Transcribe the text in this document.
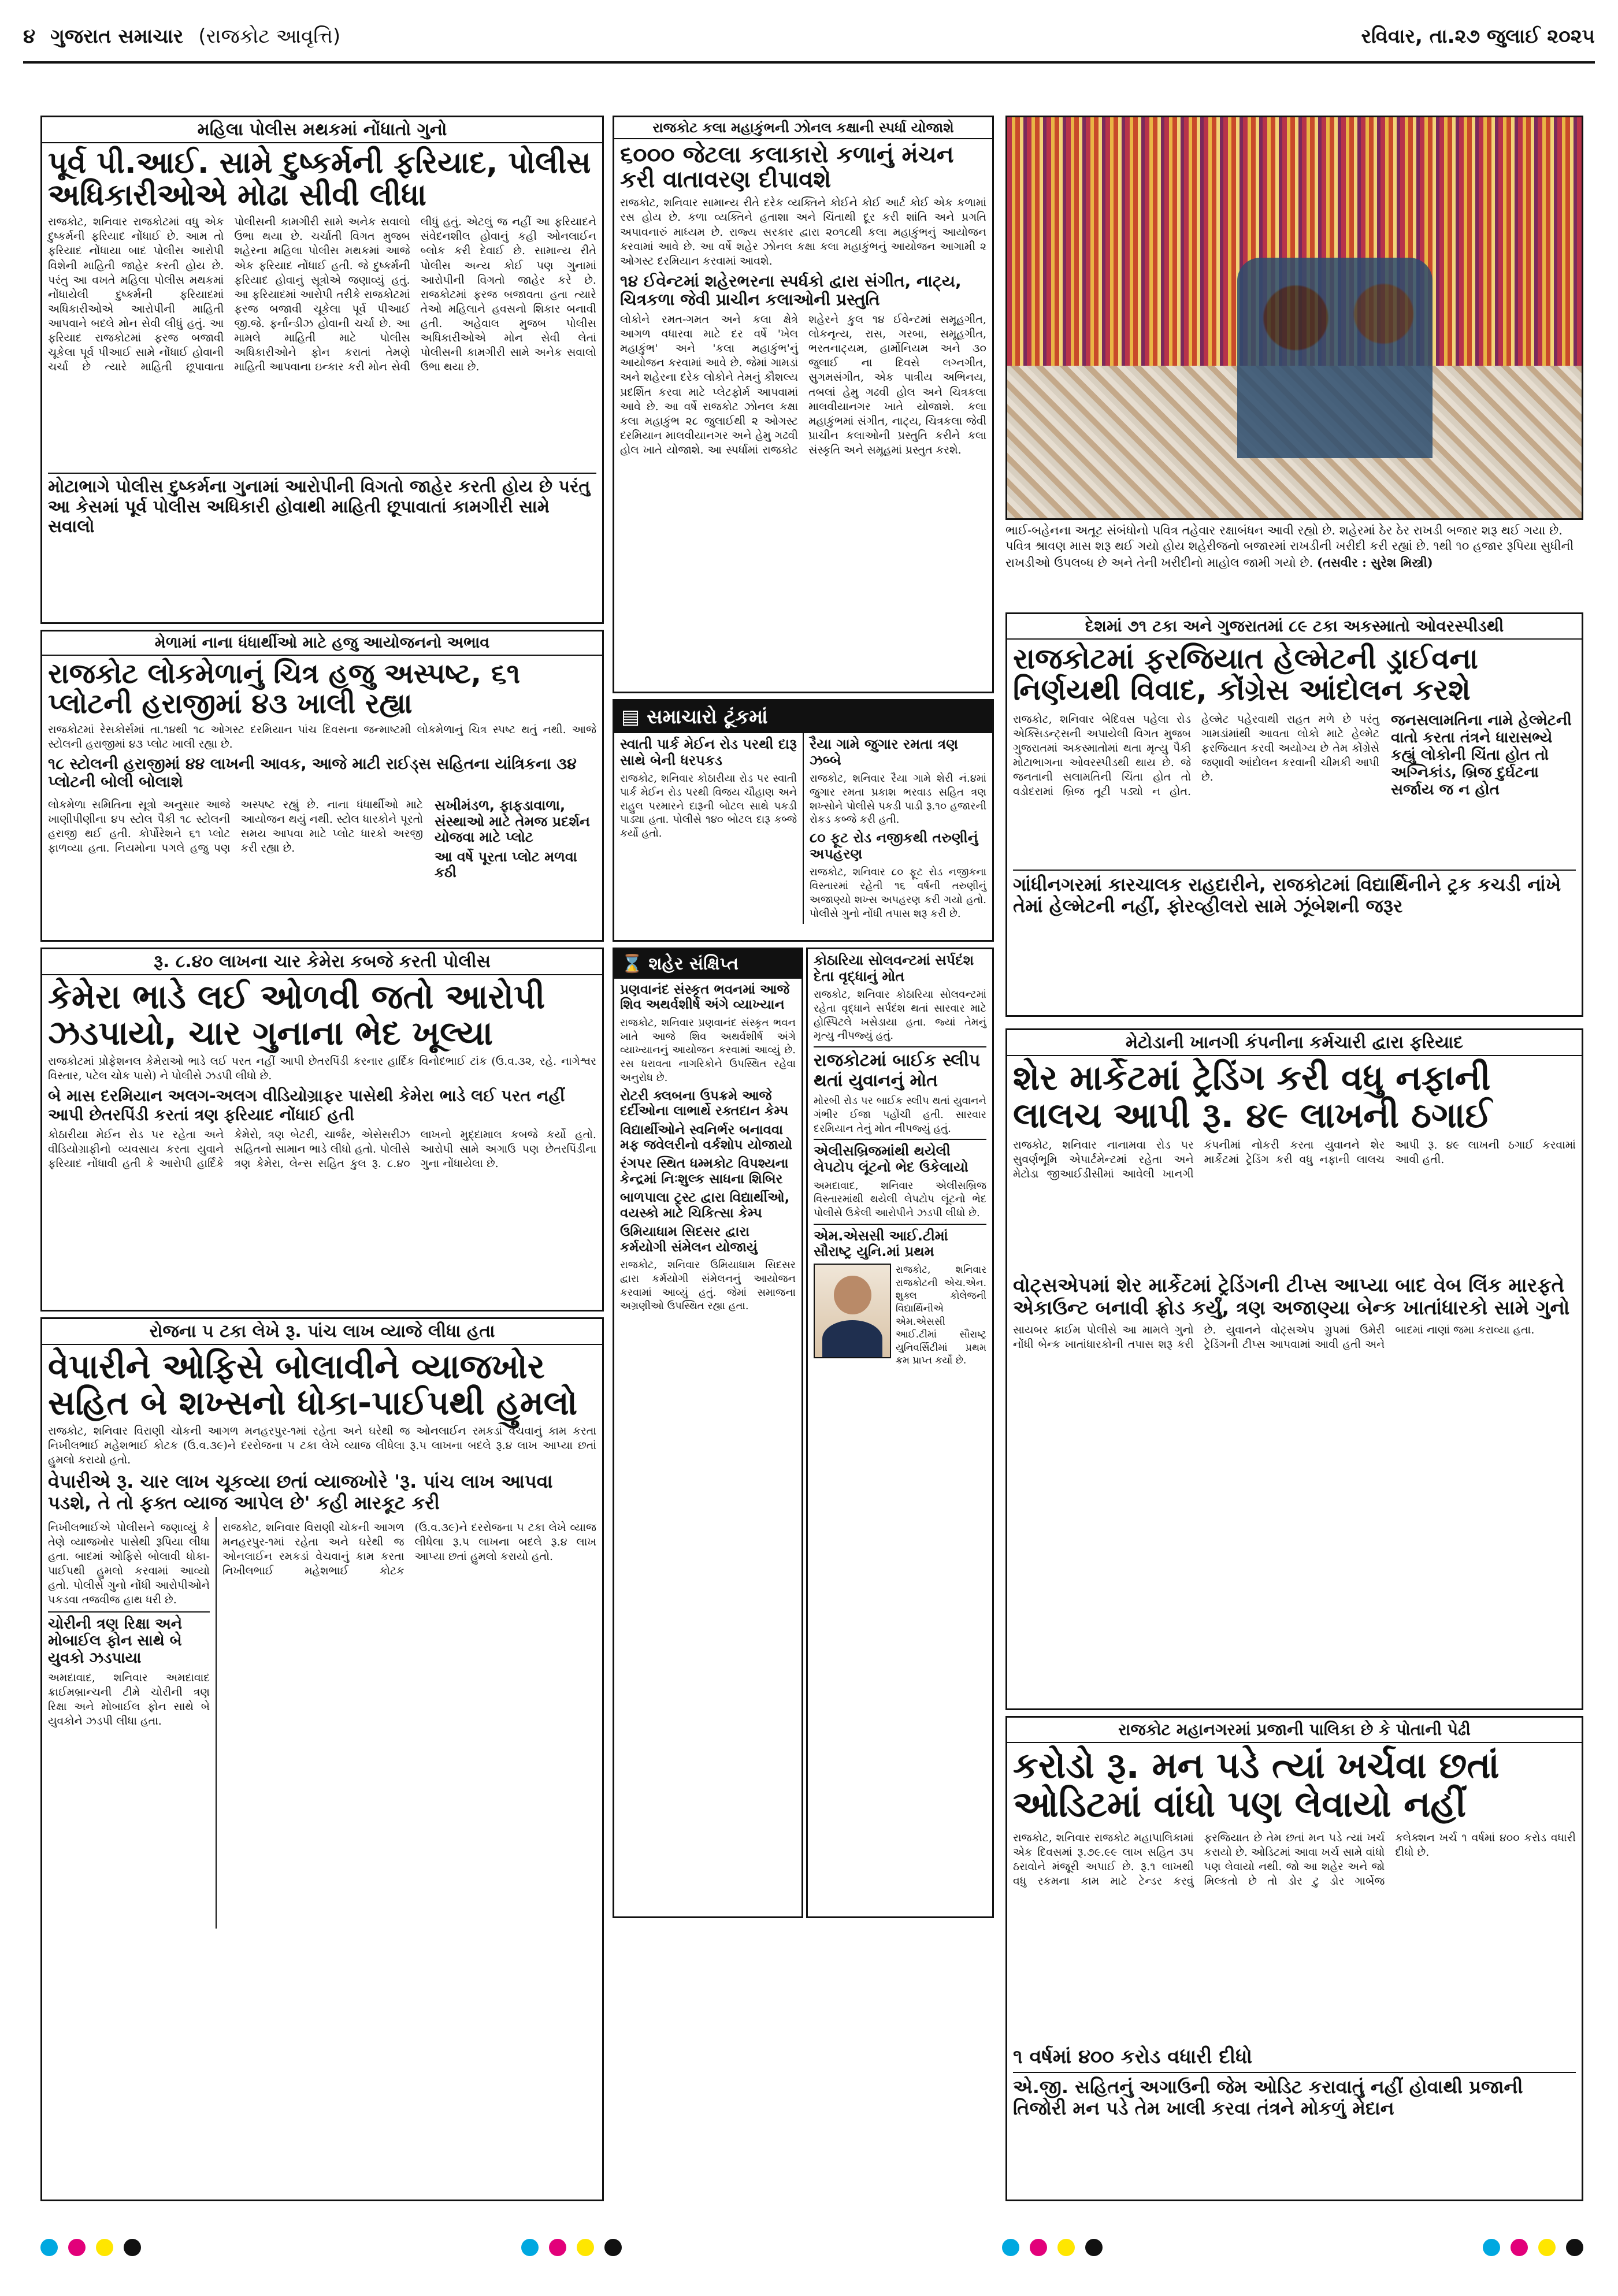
૪ ગુજરાત સમાચાર (રાજકોટ આવૃત્તિ)	રવિવાર, તા.૨૭ જુલાઈ ૨૦૨૫
મહિલા પોલીસ મથકમાં નોંધાતો ગુનો
પૂર્વ પી.આઈ. સામે દુષ્કર્મની ફરિયાદ, પોલીસ અધિકારીઓએ મોઢા સીવી લીધા
રાજકોટ, શનિવાર રાજકોટમાં વધુ એક દુષ્કર્મની ફરિયાદ નોંધાઈ છે. આમ તો ફરિયાદ નોંધાયા બાદ પોલીસ આરોપી વિશેની માહિતી જાહેર કરતી હોય છે. પરંતુ આ વખતે મહિલા પોલીસ મથકમાં નોંધાયેલી દુષ્કર્મની ફરિયાદમાં અધિકારીઓએ આરોપીની માહિતી આપવાને બદલે મોન સેવી લીધું હતું. આ ફરિયાદ રાજકોટમાં ફરજ બજાવી ચૂકેલા પૂર્વ પીઆઈ સામે નોંધાઈ હોવાની ચર્ચા છે ત્યારે માહિતી છૂપાવાતા પોલીસની કામગીરી સામે અનેક સવાલો ઉભા થયા છે. ચર્ચાતી વિગત મુજબ શહેરના મહિલા પોલીસ મથકમાં આજે એક ફરિયાદ નોંધાઈ હતી. જે દુષ્કર્મની ફરિયાદ હોવાનું સૂત્રોએ જણાવ્યું હતું. આ ફરિયાદમાં આરોપી તરીકે રાજકોટમાં ફરજ બજાવી ચૂકેલા પૂર્વ પીઆઈ જી.જે. ફર્નાન્ડીઝ હોવાની ચર્ચા છે. આ મામલે માહિતી માટે પોલીસ અધિકારીઓને ફોન કરાતાં તેમણે માહિતી આપવાના ઇન્કાર કરી મોન સેવી લીધું હતું. એટલું જ નહીં આ ફરિયાદને સંવેદનશીલ હોવાનું કહી ઓનલાઈન બ્લોક કરી દેવાઈ છે. સામાન્ય રીતે પોલીસ અન્ય કોઈ પણ ગુનામાં આરોપીની વિગતો જાહેર કરે છે. રાજકોટમાં ફરજ બજાવતા હતા ત્યારે તેઓ મહિલાને હવસનો શિકાર બનાવી હતી. અહેવાલ મુજબ પોલીસ અધિકારીઓએ મોન સેવી લેતાં પોલીસની કામગીરી સામે અનેક સવાલો ઉભા થયા છે.
મોટાભાગે પોલીસ દુષ્કર્મના ગુનામાં આરોપીની વિગતો જાહેર કરતી હોય છે પરંતુ આ કેસમાં પૂર્વ પોલીસ અધિકારી હોવાથી માહિતી છૂપાવાતાં કામગીરી સામે સવાલો
રાજકોટ કલા મહાકુંભની ઝોનલ કક્ષાની સ્પર્ધા યોજાશે
૬૦૦૦ જેટલા કલાકારો કળાનું મંચન કરી વાતાવરણ દીપાવશે
રાજકોટ, શનિવાર સામાન્ય રીતે દરેક વ્યક્તિને કોઈને કોઈ આર્ટ કોઈ એક કળામાં રસ હોય છે. કળા વ્યક્તિને હતાશા અને ચિંતાથી દૂર કરી શાંતિ અને પ્રગતિ અપાવનારું માધ્યમ છે. રાજ્ય સરકાર દ્વારા ૨૦૧૮થી કલા મહાકુંભનું આયોજન કરવામાં આવે છે. આ વર્ષે શહેર ઝોનલ કક્ષા કલા મહાકુંભનું આયોજન આગામી ૨ ઓગસ્ટ દરમિયાન કરવામાં આવશે.
૧૪ ઈવેન્ટમાં શહેરભરના સ્પર્ધકો દ્વારા સંગીત, નાટ્ય, ચિત્રકળા જેવી પ્રાચીન કલાઓની પ્રસ્તુતિ
લોકોને રમત-ગમત અને કલા ક્ષેત્રે આગળ વધારવા માટે દર વર્ષે 'ખેલ મહાકુંભ' અને 'કલા મહાકુંભ'નું આયોજન કરવામાં આવે છે. જેમાં ગામડાં અને શહેરના દરેક લોકોને તેમનું કૌશલ્ય પ્રદર્શિત કરવા માટે પ્લેટફોર્મ આપવામાં આવે છે. આ વર્ષે રાજકોટ ઝોનલ કક્ષા કલા મહાકુંભ ૨૮ જુલાઈથી ૨ ઓગસ્ટ દરમિયાન માલવીયાનગર અને હેમુ ગઢવી હોલ ખાતે યોજાશે. આ સ્પર્ધામાં રાજકોટ શહેરને કુલ ૧૪ ઈવેન્ટમાં સમૂહગીત, લોકનૃત્ય, રાસ, ગરબા, સમૂહગીત, ભરતનાટ્યમ, હાર્મોનિયમ અને ૩૦ જુલાઈ ના દિવસે લગ્નગીત, સુગમસંગીત, એક પાત્રીય અભિનય, તબલાં હેમુ ગઢવી હોલ અને ચિત્રકલા માલવીયાનગર ખાતે યોજાશે. કલા મહાકુંભમાં સંગીત, નાટ્ય, ચિત્રકલા જેવી પ્રાચીન કલાઓની પ્રસ્તુતિ કરીને કલા સંસ્કૃતિ અને સમૂહમાં પ્રસ્તુત કરશે.
ભાઈ-બહેનના અતૂટ સંબંધોનો પવિત્ર તહેવાર રક્ષાબંધન આવી રહ્યો છે. શહેરમાં ઠેર ઠેર રાખડી બજાર શરૂ થઈ ગયા છે. પવિત્ર શ્રાવણ માસ શરૂ થઈ ગયો હોય શહેરીજનો બજારમાં રાખડીની ખરીદી કરી રહ્યાં છે. ૧થી ૧૦ હજાર રૂપિયા સુધીની રાખડીઓ ઉપલબ્ધ છે અને તેની ખરીદીનો માહોલ જામી ગયો છે. (તસવીર : સુરેશ મિસ્ત્રી)
મેળામાં નાના ધંધાર્થીઓ માટે હજુ આયોજનનો અભાવ
રાજકોટ લોકમેળાનું ચિત્ર હજુ અસ્પષ્ટ, ૬૧ પ્લોટની હરાજીમાં ૪૩ ખાલી રહ્યા
રાજકોટમાં રેસકોર્સમાં તા.૧૪થી ૧૮ ઓગસ્ટ દરમિયાન પાંચ દિવસના જન્માષ્ટમી લોકમેળાનું ચિત્ર સ્પષ્ટ થતું નથી. આજે સ્ટોલની હરાજીમાં ૪૩ પ્લોટ ખાલી રહ્યા છે.
૧૮ સ્ટોલની હરાજીમાં ૪૪ લાખની આવક, આજે માટી રાઈડ્સ સહિતના યાંત્રિકના ૩૪ પ્લોટની બોલી બોલાશે
લોકમેળા સમિતિના સૂત્રો અનુસાર આજે ખાણીપીણીના ૪૫ સ્ટોલ પૈકી ૧૮ સ્ટોલની હરાજી થઈ હતી. કોર્પોરેશને ૬૧ પ્લોટ ફાળવ્યા હતા. નિયમોના પગલે હજુ પણ અસ્પષ્ટ રહ્યું છે. નાના ધંધાર્થીઓ માટે આયોજન થયું નથી. સ્ટોલ ધારકોને પૂરતો સમય આપવા માટે પ્લોટ ધારકો અરજી કરી રહ્યા છે.
સખીમંડળ, ફાફડાવાળા, સંસ્થાઓ માટે તેમજ પ્રદર્શન યોજવા માટે પ્લોટ
આ વર્ષે પૂરતા પ્લોટ મળવા કઠી
▤ સમાચારો ટૂંકમાં
સ્વાતી પાર્ક મેઈન રોડ પરથી દારૂ સાથે બેની ધરપકડ
રાજકોટ, શનિવાર કોઠારીયા રોડ પર સ્વાતી પાર્ક મેઈન રોડ પરથી વિજય ચૌહાણ અને રાહુલ પરમારને દારૂની બોટલ સાથે પકડી પાડ્યા હતા. પોલીસે ૧૪૦ બોટલ દારૂ કબ્જે કર્યો હતો.
રૈયા ગામે જુગાર રમતા ત્રણ ઝબ્બે
રાજકોટ, શનિવાર રૈયા ગામે શેરી નં.૪માં જુગાર રમતા પ્રકાશ ભરવાડ સહિત ત્રણ શખ્સોને પોલીસે પકડી પાડી રૂ.૧૦ હજારની રોકડ કબ્જે કરી હતી.
૮૦ ફૂટ રોડ નજીકથી તરુણીનું અપહરણ
રાજકોટ, શનિવાર ૮૦ ફૂટ રોડ નજીકના વિસ્તારમાં રહેતી ૧૬ વર્ષની તરુણીનું અજાણ્યો શખ્સ અપહરણ કરી ગયો હતો. પોલીસે ગુનો નોંધી તપાસ શરૂ કરી છે.
દેશમાં ૭૧ ટકા અને ગુજરાતમાં ૮૯ ટકા અકસ્માતો ઓવરસ્પીડથી
રાજકોટમાં ફરજિયાત હેલ્મેટની ડ્રાઈવના નિર્ણયથી વિવાદ, કોંગ્રેસ આંદોલન કરશે
રાજકોટ, શનિવાર બેદિવસ પહેલા રોડ એક્સિડન્ટ્સની અપાયેલી વિગત મુજબ ગુજરાતમાં અકસ્માતોમાં થતા મૃત્યુ પૈકી મોટાભાગના ઓવરસ્પીડથી થાય છે. જે જનતાની સલામતિની ચિંતા હોત તો વડોદરામાં બ્રિજ તૂટી પડ્યો ન હોત. હેલ્મેટ પહેરવાથી રાહત મળે છે પરંતુ ગામડાંમાંથી આવતા લોકો માટે હેલ્મેટ ફરજિયાત કરવી અયોગ્ય છે તેમ કોંગ્રેસે જણાવી આંદોલન કરવાની ચીમકી આપી છે.
જનસલામતિના નામે હેલ્મેટની વાતો કરતા તંત્રને ધારાસભ્યે કહ્યું લોકોની ચિંતા હોત તો અગ્નિકાંડ, બ્રિજ દુર્ઘટના સર્જાય જ ન હોત
ગાંધીનગરમાં કારચાલક રાહદારીને, રાજકોટમાં વિદ્યાર્થિનીને ટ્રક કચડી નાંખે તેમાં હેલ્મેટની નહીં, ફોરવ્હીલરો સામે ઝૂંબેશની જરૂર
રૂ. ૮.૪૦ લાખના ચાર કેમેરા કબજે કરતી પોલીસ
કેમેરા ભાડે લઈ ઓળવી જતો આરોપી ઝડપાયો, ચાર ગુનાના ભેદ ખૂલ્યા
રાજકોટમાં પ્રોફેશનલ કેમેરાઓ ભાડે લઈ પરત નહીં આપી છેતરપિંડી કરનાર હાર્દિક વિનોદભાઈ ટાંક (ઉ.વ.૩૨, રહે. નાગેશ્વર વિસ્તાર, પટેલ ચોક પાસે) ને પોલીસે ઝડપી લીધો છે.
બે માસ દરમિયાન અલગ-અલગ વીડિયોગ્રાફર પાસેથી કેમેરા ભાડે લઈ પરત નહીં આપી છેતરપિંડી કરતાં ત્રણ ફરિયાદ નોંધાઈ હતી
કોઠારીયા મેઈન રોડ પર રહેતા અને વીડિયોગ્રાફીનો વ્યવસાય કરતા યુવાને ફરિયાદ નોંધાવી હતી કે આરોપી હાર્દિકે કેમેરો, ત્રણ બેટરી, ચાર્જર, એસેસરીઝ સહિતનો સામાન ભાડે લીધો હતો. પોલીસે ત્રણ કેમેરા, લેન્સ સહિત કુલ રૂ. ૮.૪૦ લાખનો મુદ્દામાલ કબજે કર્યો હતો. આરોપી સામે અગાઉ પણ છેતરપિંડીના ગુના નોંધાયેલા છે.
રોજના ૫ ટકા લેખે રૂ. પાંચ લાખ વ્યાજે લીધા હતા
વેપારીને ઓફિસે બોલાવીને વ્યાજખોર સહિત બે શખ્સનો ધોકા-પાઈપથી હુમલો
રાજકોટ, શનિવાર વિરાણી ચોકની આગળ મનહરપુર-૧માં રહેતા અને ઘરેથી જ ઓનલાઈન રમકડાં વેચવાનું કામ કરતા નિખીલભાઈ મહેશભાઈ કોટક (ઉ.વ.૩૯)ને દરરોજના ૫ ટકા લેખે વ્યાજ લીધેલા રૂ.૫ લાખના બદલે રૂ.૪ લાખ આપ્યા છતાં હુમલો કરાયો હતો.
વેપારીએ રૂ. ચાર લાખ ચૂકવ્યા છતાં વ્યાજખોરે 'રૂ. પાંચ લાખ આપવા પડશે, તે તો ફક્ત વ્યાજ આપેલ છે' કહી મારકૂટ કરી
નિખીલભાઈએ પોલીસને જણાવ્યું કે તેણે વ્યાજખોર પાસેથી રૂપિયા લીધા હતા. બાદમાં ઓફિસે બોલાવી ધોકા-પાઈપથી હુમલો કરવામાં આવ્યો હતો. પોલીસે ગુનો નોંધી આરોપીઓને પકડવા તજવીજ હાથ ધરી છે.
ચોરીની ત્રણ રિક્ષા અને મોબાઈલ ફોન સાથે બે યુવકો ઝડપાયા
અમદાવાદ, શનિવાર અમદાવાદ ક્રાઈમબ્રાન્ચની ટીમે ચોરીની ત્રણ રિક્ષા અને મોબાઈલ ફોન સાથે બે યુવકોને ઝડપી લીધા હતા.
રાજકોટ, શનિવાર વિરાણી ચોકની આગળ મનહરપુર-૧માં રહેતા અને ઘરેથી જ ઓનલાઈન રમકડાં વેચવાનું કામ કરતા નિખીલભાઈ મહેશભાઈ કોટક (ઉ.વ.૩૯)ને દરરોજના ૫ ટકા લેખે વ્યાજ લીધેલા રૂ.૫ લાખના બદલે રૂ.૪ લાખ આપ્યા છતાં હુમલો કરાયો હતો.
⌛ શહેર સંક્ષિપ્ત
પ્રણવાનંદ સંસ્કૃત ભવનમાં આજે શિવ અથર્વશીર્ષ અંગે વ્યાખ્યાન
રાજકોટ, શનિવાર પ્રણવાનંદ સંસ્કૃત ભવન ખાતે આજે શિવ અથર્વશીર્ષ અંગે વ્યાખ્યાનનું આયોજન કરવામાં આવ્યું છે. રસ ધરાવતા નાગરિકોને ઉપસ્થિત રહેવા અનુરોધ છે.
રોટરી ક્લબના ઉપક્રમે આજે દર્દીઓના લાભાર્થે રક્તદાન કેમ્પ
વિદ્યાર્થીઓને સ્વનિર્ભર બનાવવા મફ જવેલરીનો વર્કશોપ યોજાયો
રંગપર સ્થિત ધમ્મકોટ વિપશ્યના કેન્દ્રમાં નિઃશુલ્ક સાધના શિબિર
બાળપાલા ટ્રસ્ટ દ્વારા વિદ્યાર્થીઓ, વયસ્કો માટે ચિકિત્સા કેમ્પ
ઉમિયાધામ સિદસર દ્વારા કર્મયોગી સંમેલન યોજાયું
રાજકોટ, શનિવાર ઉમિયાધામ સિદસર દ્વારા કર્મયોગી સંમેલનનું આયોજન કરવામાં આવ્યું હતું. જેમાં સમાજના અગ્રણીઓ ઉપસ્થિત રહ્યા હતા.
કોઠારિયા સોલવન્ટમાં સર્પદંશ દેતા વૃદ્ધાનું મોત
રાજકોટ, શનિવાર કોઠારિયા સોલવન્ટમાં રહેતા વૃદ્ધાને સર્પદંશ થતાં સારવાર માટે હોસ્પિટલે ખસેડાયા હતા. જ્યાં તેમનું મૃત્યુ નીપજ્યું હતું.
રાજકોટમાં બાઈક સ્લીપ થતાં યુવાનનું મોત
મોરબી રોડ પર બાઈક સ્લીપ થતાં યુવાનને ગંભીર ઈજા પહોંચી હતી. સારવાર દરમિયાન તેનું મોત નીપજ્યું હતું.
એલીસબ્રિજમાંથી થયેલી લેપટોપ લૂંટનો ભેદ ઉકેલાયો
અમદાવાદ, શનિવાર એલીસબ્રિજ વિસ્તારમાંથી થયેલી લેપટોપ લૂંટનો ભેદ પોલીસે ઉકેલી આરોપીને ઝડપી લીધો છે.
એમ.એસસી આઈ.ટીમાં સૌરાષ્ટ્ર યુનિ.માં પ્રથમ
રાજકોટ, શનિવાર રાજકોટની એચ.એન. શુક્લ કોલેજની વિદ્યાર્થિનીએ એમ.એસસી આઈ.ટીમાં સૌરાષ્ટ્ર યુનિવર્સિટીમાં પ્રથમ ક્રમ પ્રાપ્ત કર્યો છે.
મેટોડાની ખાનગી કંપનીના કર્મચારી દ્વારા ફરિયાદ
શેર માર્કેટમાં ટ્રેડિંગ કરી વધુ નફાની લાલચ આપી રૂ. ૪૯ લાખની ઠગાઈ
રાજકોટ, શનિવાર નાનામવા રોડ પર સુવર્ણભૂમિ એપાર્ટમેન્ટમાં રહેતા અને મેટોડા જીઆઈડીસીમાં આવેલી ખાનગી કંપનીમાં નોકરી કરતા યુવાનને શેર માર્કેટમાં ટ્રેડિંગ કરી વધુ નફાની લાલચ આપી રૂ. ૪૯ લાખની ઠગાઈ કરવામાં આવી હતી.
વોટ્સએપમાં શેર માર્કેટમાં ટ્રેડિંગની ટીપ્સ આપ્યા બાદ વેબ લિંક મારફતે એકાઉન્ટ બનાવી ફ્રોડ કર્યું, ત્રણ અજાણ્યા બેન્ક ખાતાંધારકો સામે ગુનો
સાયબર ક્રાઈમ પોલીસે આ મામલે ગુનો નોંધી બેન્ક ખાતાંધારકોની તપાસ શરૂ કરી છે. યુવાનને વોટ્સએપ ગ્રુપમાં ઉમેરી ટ્રેડિંગની ટીપ્સ આપવામાં આવી હતી અને બાદમાં નાણાં જમા કરાવ્યા હતા.
રાજકોટ મહાનગરમાં પ્રજાની પાલિકા છે કે પોતાની પેઢી
કરોડો રૂ. મન પડે ત્યાં ખર્ચવા છતાં ઓડિટમાં વાંધો પણ લેવાયો નહીં
રાજકોટ, શનિવાર રાજકોટ મહાપાલિકામાં એક દિવસમાં રૂ.૭૯.૯૯ લાખ સહિત ૩૫ ઠરાવોને મંજૂરી અપાઈ છે. રૂ.૧ લાખથી વધુ રકમના કામ માટે ટેન્ડર કરવું ફરજિયાત છે તેમ છતાં મન પડે ત્યાં ખર્ચ કરાયો છે. ઓડિટમાં આવા ખર્ચ સામે વાંધો પણ લેવાયો નથી. જો આ શહેર અને જો મિલ્કતો છે તો ડોર ટુ ડોર ગાર્બેજ કલેક્શન ખર્ચ ૧ વર્ષમાં ૪૦૦ કરોડ વધારી દીધો છે.
૧ વર્ષમાં ૪૦૦ કરોડ વધારી દીધો
એ.જી. સહિતનું અગાઉની જેમ ઓડિટ કરાવાતું નહીં હોવાથી પ્રજાની તિજોરી મન પડે તેમ ખાલી કરવા તંત્રને મોકળું મેદાન
